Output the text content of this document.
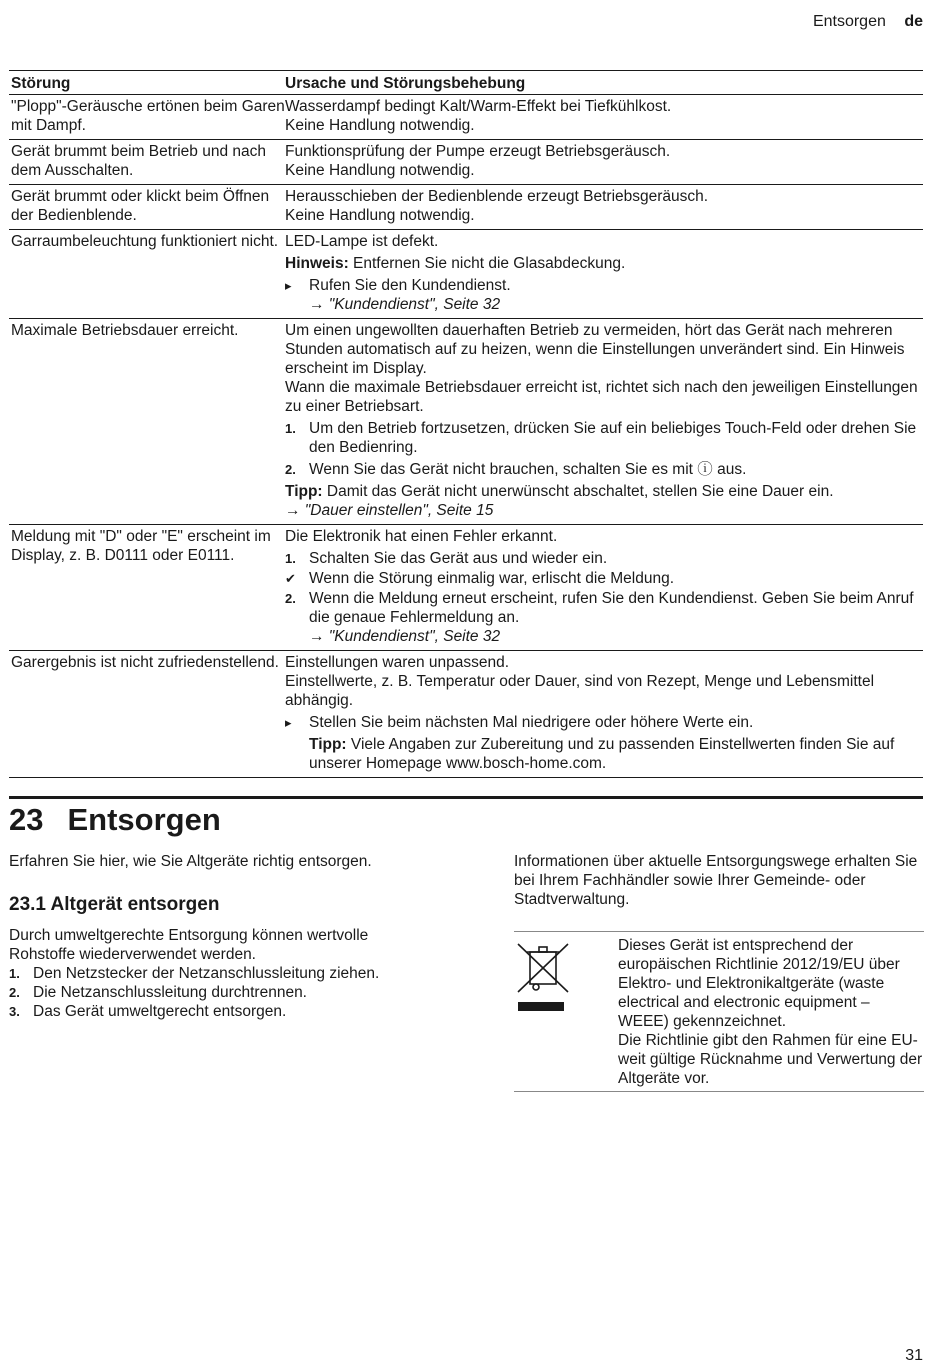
Entsorgen de
Störung	Ursache und Störungsbehebung
"Plopp"-Geräusche ertönen beim Garen mit Dampf.
Wasserdampf bedingt Kalt/Warm-Effekt bei Tiefkühlkost.
Keine Handlung notwendig.
Gerät brummt beim Betrieb und nach dem Ausschalten.
Funktionsprüfung der Pumpe erzeugt Betriebsgeräusch.
Keine Handlung notwendig.
Gerät brummt oder klickt beim Öffnen der Bedienblende.
Herausschieben der Bedienblende erzeugt Betriebsgeräusch.
Keine Handlung notwendig.
Garraumbeleuchtung funktioniert nicht. LED-Lampe ist defekt.
Hinweis: Entfernen Sie nicht die Glasabdeckung.
▸ Rufen Sie den Kundendienst.
→ "Kundendienst", Seite 32
Maximale Betriebsdauer erreicht.	Um einen ungewollten dauerhaften Betrieb zu vermeiden, hört das Gerät nach mehreren Stunden automatisch auf zu heizen, wenn die Einstellungen unverändert sind. Ein Hinweis erscheint im Display.
Wann die maximale Betriebsdauer erreicht ist, richtet sich nach den jeweiligen Einstellungen zu einer Betriebsart.
1. Um den Betrieb fortzusetzen, drücken Sie auf ein beliebiges Touch-Feld oder drehen Sie den Bedienring.
2. Wenn Sie das Gerät nicht brauchen, schalten Sie es mit ⓘ aus.
Tipp: Damit das Gerät nicht unerwünscht abschaltet, stellen Sie eine Dauer ein.
→ "Dauer einstellen", Seite 15
Meldung mit "D" oder "E" erscheint im Display, z. B. D0111 oder E0111.
Die Elektronik hat einen Fehler erkannt.
1. Schalten Sie das Gerät aus und wieder ein.
✔ Wenn die Störung einmalig war, erlischt die Meldung.
2. Wenn die Meldung erneut erscheint, rufen Sie den Kundendienst. Geben Sie beim Anruf die genaue Fehlermeldung an.
→ "Kundendienst", Seite 32
Garergebnis ist nicht zufriedenstellend. Einstellungen waren unpassend.
Einstellwerte, z. B. Temperatur oder Dauer, sind von Rezept, Menge und Lebensmittel abhängig.
▸ Stellen Sie beim nächsten Mal niedrigere oder höhere Werte ein.
Tipp: Viele Angaben zur Zubereitung und zu passenden Einstellwerten finden Sie auf unserer Homepage www.bosch-home.com.
23 Entsorgen
Erfahren Sie hier, wie Sie Altgeräte richtig entsorgen.
23.1 Altgerät entsorgen
Durch umweltgerechte Entsorgung können wertvolle Rohstoffe wiederverwendet werden.
1. Den Netzstecker der Netzanschlussleitung ziehen.
2. Die Netzanschlussleitung durchtrennen.
3. Das Gerät umweltgerecht entsorgen.
Informationen über aktuelle Entsorgungswege erhalten Sie bei Ihrem Fachhändler sowie Ihrer Gemeinde- oder Stadtverwaltung.
Dieses Gerät ist entsprechend der europäischen Richtlinie 2012/19/EU über Elektro- und Elektronikaltgeräte (waste electrical and electronic equipment – WEEE) gekennzeichnet.
Die Richtlinie gibt den Rahmen für eine EU-weit gültige Rücknahme und Verwertung der Altgeräte vor.
31
